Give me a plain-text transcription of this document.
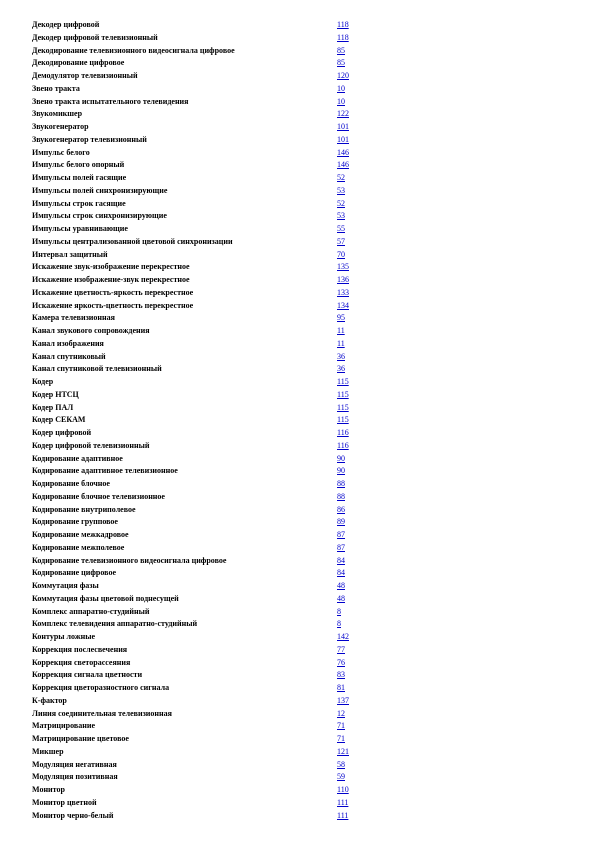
Декодер цифровой	118
Декодер цифровой телевизионный	118
Декодирование телевизионного видеосигнала цифровое	85
Декодирование цифровое	85
Демодулятор телевизионный	120
Звено тракта	10
Звено тракта испытательного телевидения	10
Звукомикшер	122
Звукогенератор	101
Звукогенератор телевизионный	101
Импульс белого	146
Импульс белого опорный	146
Импульсы полей гасящие	52
Импульсы полей синхронизирующие	53
Импульсы строк гасящие	52
Импульсы строк синхронизирующие	53
Импульсы уравнивающие	55
Импульсы централизованной цветовой синхронизации	57
Интервал защитный	70
Искажение звук-изображение перекрестное	135
Искажение изображение-звук перекрестное	136
Искажение цветность-яркость перекрестное	133
Искажение яркость-цветность перекрестное	134
Камера телевизионная	95
Канал звукового сопровождения	11
Канал изображения	11
Канал спутниковый	36
Канал спутниковой телевизионный	36
Кодер	115
Кодер НТСЦ	115
Кодер ПАЛ	115
Кодер СЕКАМ	115
Кодер цифровой	116
Кодер цифровой телевизионный	116
Кодирование адаптивное	90
Кодирование адаптивное телевизионное	90
Кодирование блочное	88
Кодирование блочное телевизионное	88
Кодирование внутриполевое	86
Кодирование групповое	89
Кодирование межкадровое	87
Кодирование межполевое	87
Кодирование телевизионного видеосигнала цифровое	84
Кодирование цифровое	84
Коммутация фазы	48
Коммутация фазы цветовой поднесущей	48
Комплекс аппаратно-студийный	8
Комплекс телевидения аппаратно-студийный	8
Контуры ложные	142
Коррекция послесвечения	77
Коррекция светорассеяния	76
Коррекция сигнала цветности	83
Коррекция цветоразностного сигнала	81
К-фактор	137
Линия соединительная телевизионная	12
Матрицирование	71
Матрицирование цветовое	71
Микшер	121
Модуляция негативная	58
Модуляция позитивная	59
Монитор	110
Монитор цветной	111
Монитор черно-белый	111
